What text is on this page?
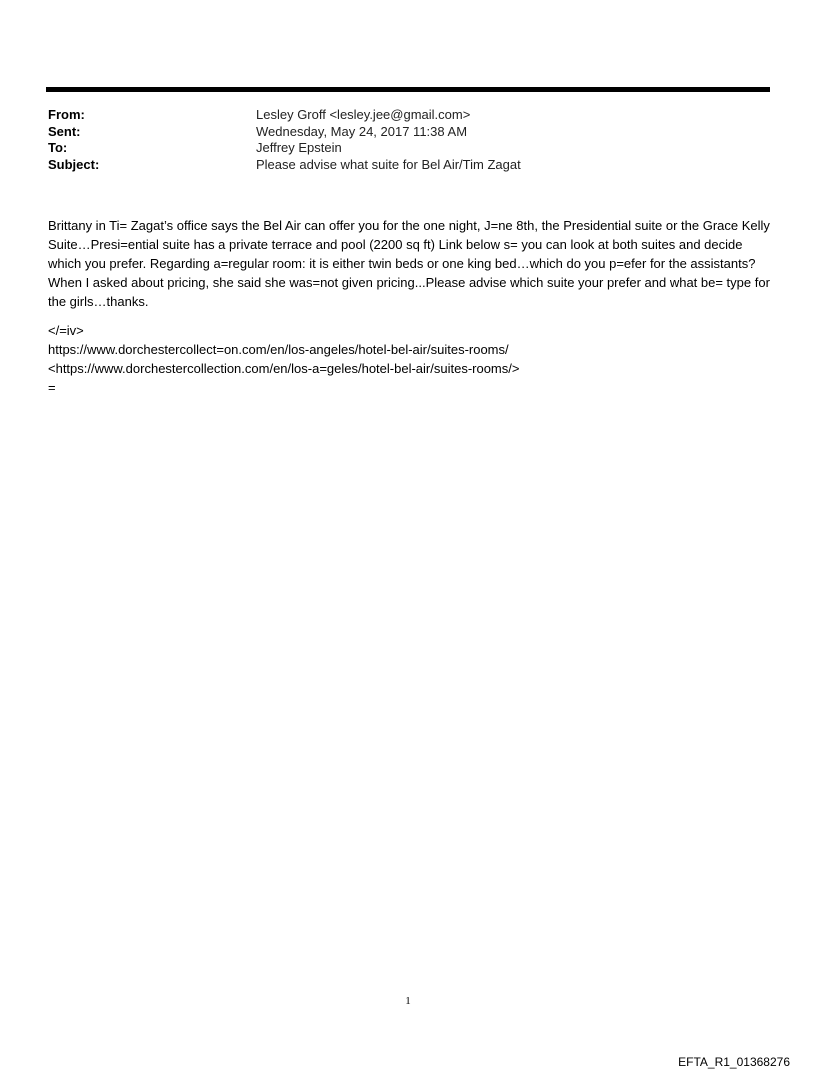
From:	Lesley Groff <lesley.jee@gmail.com>
Sent:	Wednesday, May 24, 2017 11:38 AM
To:	Jeffrey Epstein
Subject:	Please advise what suite for Bel Air/Tim Zagat

Brittany in Ti= Zagat’s office says the Bel Air can offer you for the one night, J=ne 8th, the Presidential suite or the Grace Kelly Suite…Presi=ential suite has a private terrace and pool (2200 sq ft) Link below s= you can look at both suites and decide which you prefer. Regarding a=regular room: it is either twin beds or one king bed…which do you p=efer for the assistants? When I asked about pricing, she said she was=not given pricing...Please advise which suite your prefer and what be= type for the girls…thanks.

</=iv>
https://www.dorchestercollect=on.com/en/los-angeles/hotel-bel-air/suites-rooms/
<https://www.dorchestercollection.com/en/los-a=geles/hotel-bel-air/suites-rooms/>
=
1
EFTA_R1_01368276
